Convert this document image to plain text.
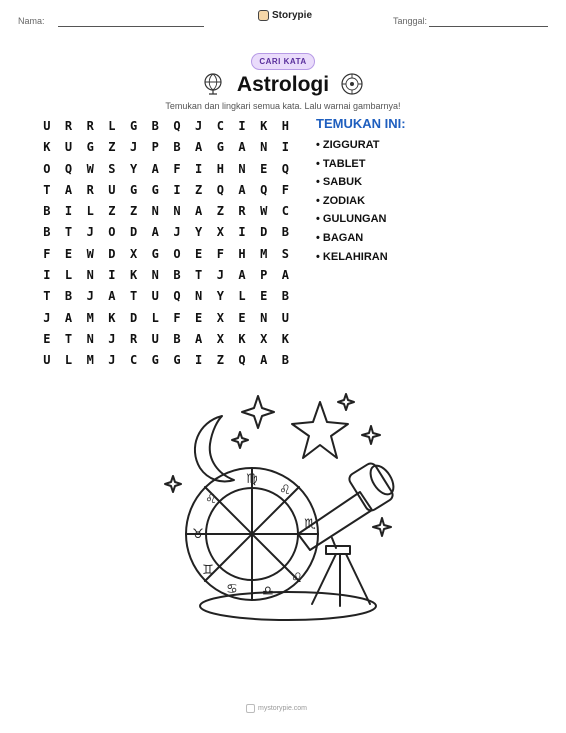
Nama:	Tanggal:
Storypie
CARI KATA
Astrologi
Temukan dan lingkari semua kata. Lalu warnai gambarnya!
U	R	R	L	G	B	Q	J	C	I	K	H
K	U	G	Z	J	P	B	A	G	A	N	I
O	Q	W	S	Y	A	F	I	H	N	E	Q
T	A	R	U	G	G	I	Z	Q	A	Q	F
B	I	L	Z	Z	N	N	A	Z	R	W	C
B	T	J	O	D	A	J	Y	X	I	D	B
F	E	W	D	X	G	O	E	F	H	M	S
I	L	N	I	K	N	B	T	J	A	P	A
T	B	J	A	T	U	Q	N	Y	L	E	B
J	A	M	K	D	L	F	E	X	E	N	U
E	T	N	J	R	U	B	A	X	K	X	K
U	L	M	J	C	G	G	I	Z	Q	A	B
TEMUKAN INI:
• ZIGGURAT
• TABLET
• SABUK
• ZODIAK
• GULUNGAN
• BAGAN
• KELAHIRAN
♍
♌
♏
♌
♉
♊
♋ ♎
♌
mystorypie.com
